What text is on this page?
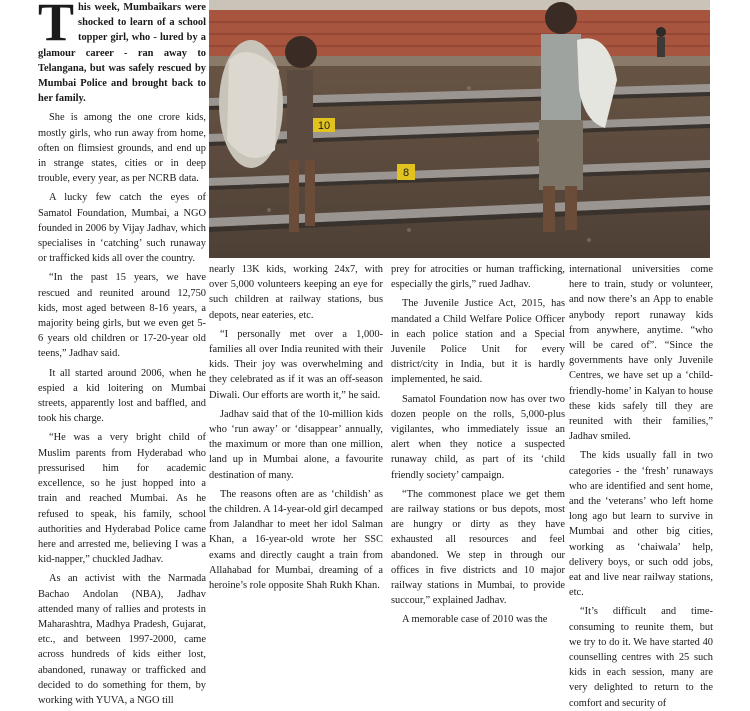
This week, Mumbaikars were shocked to learn of a school topper girl, who - lured by a glamour career - ran away to Telangana, but was safely rescued by Mumbai Police and brought back to her family.

She is among the one crore kids, mostly girls, who run away from home, often on flimsiest grounds, and end up in strange states, cities or in deep trouble, every year, as per NCRB data.

A lucky few catch the eyes of Samatol Foundation, Mumbai, a NGO founded in 2006 by Vijay Jadhav, which specialises in ‘catching’ such runaway or trafficked kids all over the country.

“In the past 15 years, we have rescued and reunited around 12,750 kids, most aged between 8-16 years, a majority being girls, but we even get 5-6 years old children or 17-20-year old teens,” Jadhav said.

It all started around 2006, when he espied a kid loitering on Mumbai streets, apparently lost and baffled, and took his charge.

“He was a very bright child of Muslim parents from Hyderabad who pressurised him for academic excellence, so he just hopped into a train and reached Mumbai. As he refused to speak, his family, school authorities and Hyderabad Police came here and arrested me, believing I was a kid-napper,” chuckled Jadhav.

As an activist with the Narmada Bachao Andolan (NBA), Jadhav attended many of rallies and protests in Maharashtra, Madhya Pradesh, Gujarat, etc., and between 1997-2000, came across hundreds of kids either lost, abandoned, runaway or trafficked and decided to do something for them, by working with YUVA, a NGO till

10
8

nearly 13K kids, working 24x7, with over 5,000 volunteers keeping an eye for such children at railway stations, bus depots, near eateries, etc.

“I personally met over a 1,000-families all over India reunited with their kids. Their joy was overwhelming and they celebrated as if it was an off-season Diwali. Our efforts are worth it,” he said.

Jadhav said that of the 10-million kids who ‘run away’ or ‘disappear’ annually, the maximum or more than one million, land up in Mumbai alone, a favourite destination of many.

The reasons often are as ‘childish’ as the children. A 14-year-old girl decamped from Jalandhar to meet her idol Salman Khan, a 16-year-old wrote her SSC exams and directly caught a train from Allahabad for Mumbai, dreaming of a heroine’s role opposite Shah Rukh Khan.

prey for atrocities or human trafficking, especially the girls,” rued Jadhav.

The Juvenile Justice Act, 2015, has mandated a Child Welfare Police Officer in each police station and a Special Juvenile Police Unit for every district/city in India, but it is hardly implemented, he said.

Samatol Foundation now has over two dozen people on the rolls, 5,000-plus vigilantes, who immediately issue an alert when they notice a suspected runaway child, as part of its ‘child friendly society’ campaign.

“The commonest place we get them are railway stations or bus depots, most are hungry or dirty as they have exhausted all resources and feel abandoned. We step in through our offices in five districts and 10 major railway stations in Mumbai, to provide succour,” explained Jadhav.

A memorable case of 2010 was the

international universities come here to train, study or volunteer, and now there’s an App to enable anybody report runaway kids from anywhere, anytime. “who will be cared of”. “Since the governments have only Juvenile Centres, we have set up a ‘child-friendly-home’ in Kalyan to house these kids safely till they are reunited with their families,” Jadhav smiled.

The kids usually fall in two categories - the ‘fresh’ runaways who are identified and sent home, and the ‘veterans’ who left home long ago but learn to survive in Mumbai and other big cities, working as ‘chaiwala’ help, delivery boys, or such odd jobs, eat and live near railway stations, etc.

“It’s difficult and time-consuming to reunite them, but we try to do it. We have started 40 counselling centres with 25 such kids in each session, many are very delighted to return to the comfort and security of
